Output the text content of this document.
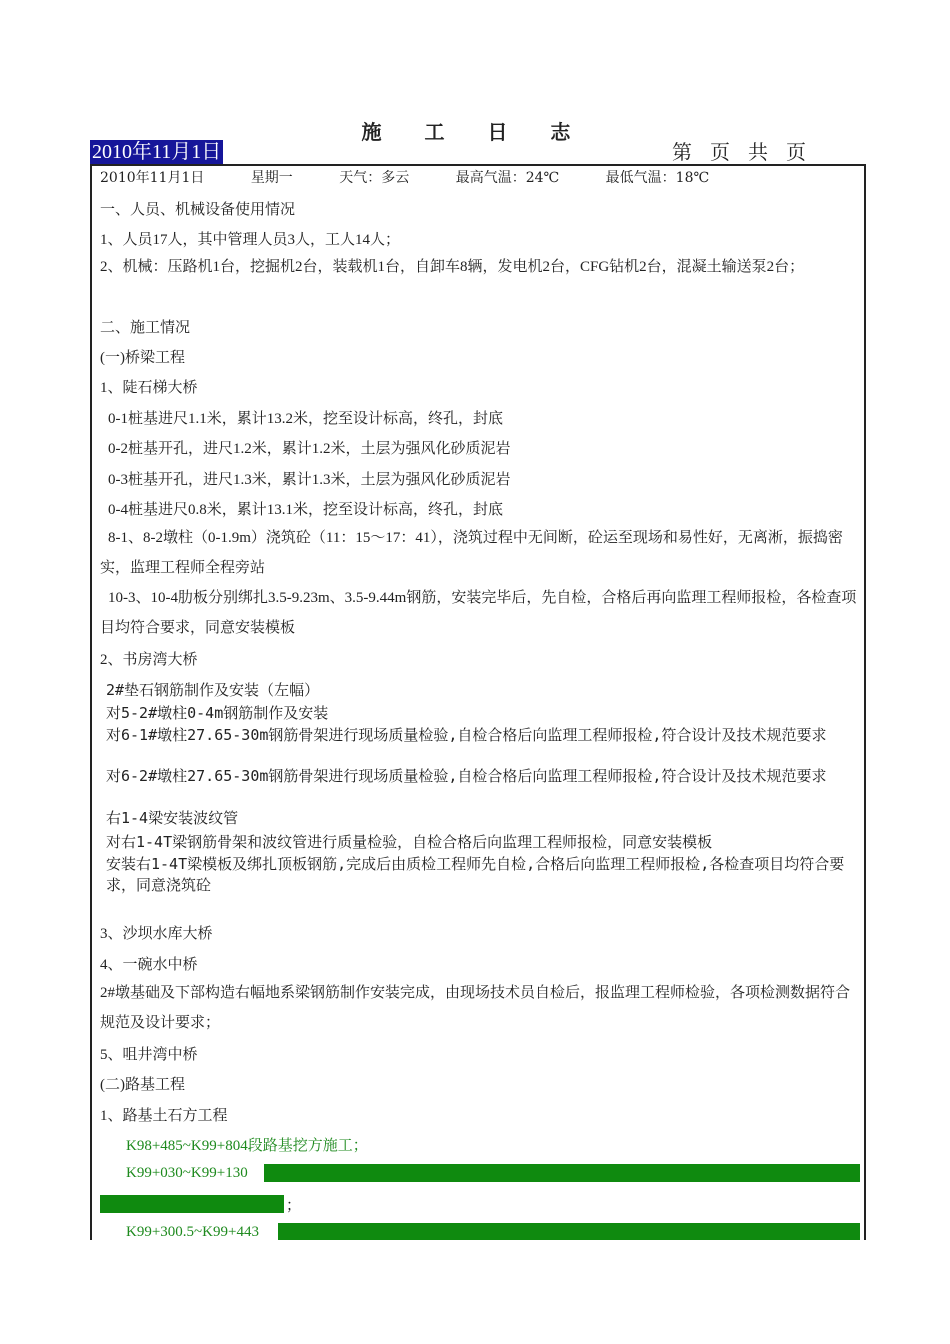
施 工 日 志
2010年11月1日	第 页 共 页
2010年11月1日	星期一	天气：多云	最高气温：24℃	最低气温：18℃
一、人员、机械设备使用情况
1、人员17人，其中管理人员3人，工人14人；
2、机械：压路机1台，挖掘机2台，装载机1台，自卸车8辆，发电机2台，CFG钻机2台，混凝土输送泵2台；
二、施工情况
(一)桥梁工程
1、陡石梯大桥
0-1桩基进尺1.1米，累计13.2米，挖至设计标高，终孔，封底
0-2桩基开孔，进尺1.2米，累计1.2米，土层为强风化砂质泥岩
0-3桩基开孔，进尺1.3米，累计1.3米，土层为强风化砂质泥岩
0-4桩基进尺0.8米，累计13.1米，挖至设计标高，终孔，封底
8-1、8-2墩柱（0-1.9m）浇筑砼（11：15～17：41），浇筑过程中无间断，砼运至现场和易性好，无离淅，振捣密实，监理工程师全程旁站
10-3、10-4肋板分别绑扎3.5-9.23m、3.5-9.44m钢筋，安装完毕后，先自检，合格后再向监理工程师报检，各检查项目均符合要求，同意安装模板
2、书房湾大桥
2#垫石钢筋制作及安装（左幅）
对5-2#墩柱0-4m钢筋制作及安装
对6-1#墩柱27.65-30m钢筋骨架进行现场质量检验,自检合格后向监理工程师报检,符合设计及技术规范要求
对6-2#墩柱27.65-30m钢筋骨架进行现场质量检验,自检合格后向监理工程师报检,符合设计及技术规范要求
右1-4梁安装波纹管
对右1-4T梁钢筋骨架和波纹管进行质量检验，自检合格后向监理工程师报检，同意安装模板
安装右1-4T梁模板及绑扎顶板钢筋,完成后由质检工程师先自检,合格后向监理工程师报检,各检查项目均符合要求，同意浇筑砼
3、沙坝水库大桥
4、一碗水中桥
2#墩基础及下部构造右幅地系梁钢筋制作安装完成，由现场技术员自检后，报监理工程师检验，各项检测数据符合规范及设计要求；
5、咀井湾中桥
(二)路基工程
1、路基土石方工程
K98+485~K99+804段路基挖方施工；
K99+030~K99+130
；
K99+300.5~K99+443
